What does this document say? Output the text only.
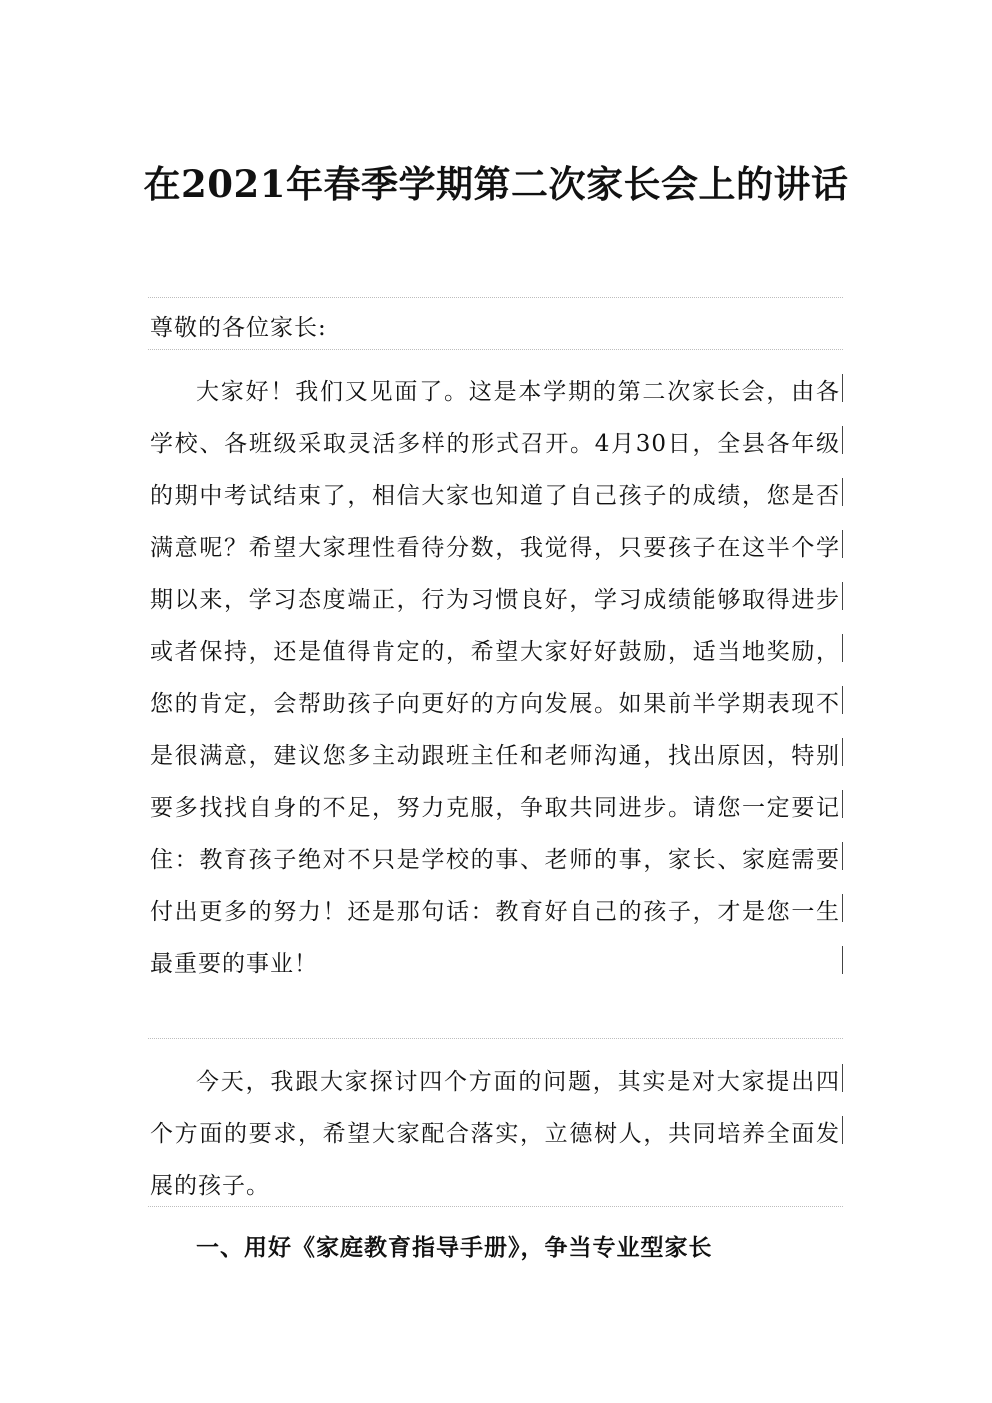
在2021年春季学期第二次家长会上的讲话

尊敬的各位家长:

大家好！我们又见面了。这是本学期的第二次家长会，由各学校、各班级采取灵活多样的形式召开。4月30日，全县各年级的期中考试结束了，相信大家也知道了自己孩子的成绩，您是否满意呢？希望大家理性看待分数，我觉得，只要孩子在这半个学期以来，学习态度端正，行为习惯良好，学习成绩能够取得进步或者保持，还是值得肯定的，希望大家好好鼓励，适当地奖励，您的肯定，会帮助孩子向更好的方向发展。如果前半学期表现不是很满意，建议您多主动跟班主任和老师沟通，找出原因，特别要多找找自身的不足，努力克服，争取共同进步。请您一定要记住：教育孩子绝对不只是学校的事、老师的事，家长、家庭需要付出更多的努力！还是那句话：教育好自己的孩子，才是您一生最重要的事业！

今天，我跟大家探讨四个方面的问题，其实是对大家提出四个方面的要求，希望大家配合落实，立德树人，共同培养全面发展的孩子。

一、用好《家庭教育指导手册》，争当专业型家长
